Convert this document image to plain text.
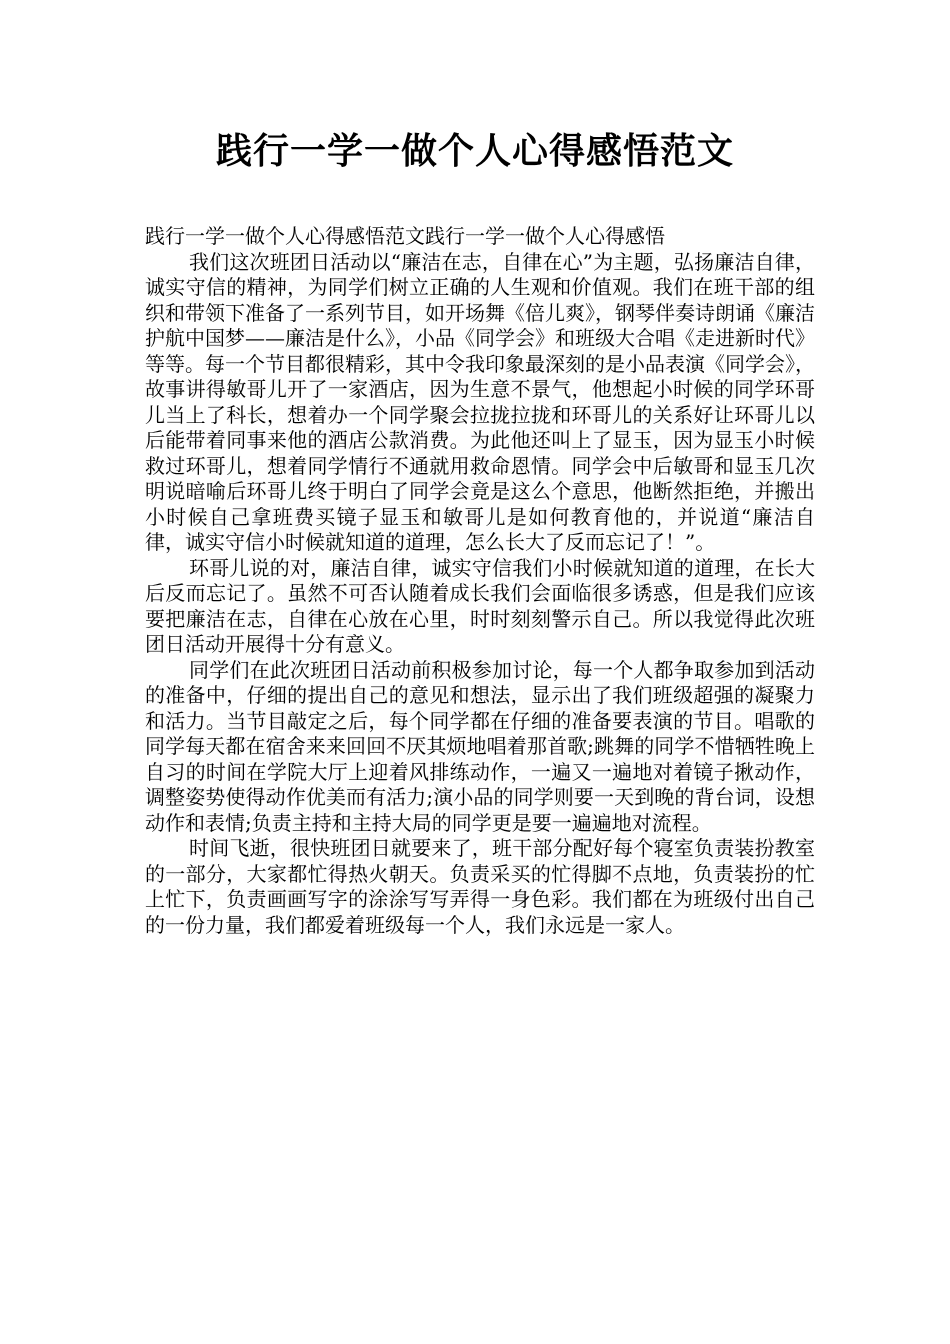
践行一学一做个人心得感悟范文

践行一学一做个人心得感悟范文践行一学一做个人心得感悟

我们这次班团日活动以“廉洁在志，自律在心”为主题，弘扬廉洁自律，诚实守信的精神，为同学们树立正确的人生观和价值观。我们在班干部的组织和带领下准备了一系列节目，如开场舞《倍儿爽》，钢琴伴奏诗朗诵《廉洁护航中国梦——廉洁是什么》，小品《同学会》和班级大合唱《走进新时代》等等。每一个节目都很精彩，其中令我印象最深刻的是小品表演《同学会》，故事讲得敏哥儿开了一家酒店，因为生意不景气，他想起小时候的同学环哥儿当上了科长，想着办一个同学聚会拉拢拉拢和环哥儿的关系好让环哥儿以后能带着同事来他的酒店公款消费。为此他还叫上了显玉，因为显玉小时候救过环哥儿，想着同学情行不通就用救命恩情。同学会中后敏哥和显玉几次明说暗喻后环哥儿终于明白了同学会竟是这么个意思，他断然拒绝，并搬出小时候自己拿班费买镜子显玉和敏哥儿是如何教育他的，并说道“廉洁自律，诚实守信小时候就知道的道理，怎么长大了反而忘记了！”。

环哥儿说的对，廉洁自律，诚实守信我们小时候就知道的道理，在长大后反而忘记了。虽然不可否认随着成长我们会面临很多诱惑，但是我们应该要把廉洁在志，自律在心放在心里，时时刻刻警示自己。所以我觉得此次班团日活动开展得十分有意义。

同学们在此次班团日活动前积极参加讨论，每一个人都争取参加到活动的准备中，仔细的提出自己的意见和想法，显示出了我们班级超强的凝聚力和活力。当节目敲定之后，每个同学都在仔细的准备要表演的节目。唱歌的同学每天都在宿舍来来回回不厌其烦地唱着那首歌;跳舞的同学不惜牺牲晚上自习的时间在学院大厅上迎着风排练动作，一遍又一遍地对着镜子揪动作，调整姿势使得动作优美而有活力;演小品的同学则要一天到晚的背台词，设想动作和表情;负责主持和主持大局的同学更是要一遍遍地对流程。

时间飞逝，很快班团日就要来了，班干部分配好每个寝室负责装扮教室的一部分，大家都忙得热火朝天。负责采买的忙得脚不点地，负责装扮的忙上忙下，负责画画写字的涂涂写写弄得一身色彩。我们都在为班级付出自己的一份力量，我们都爱着班级每一个人，我们永远是一家人。
